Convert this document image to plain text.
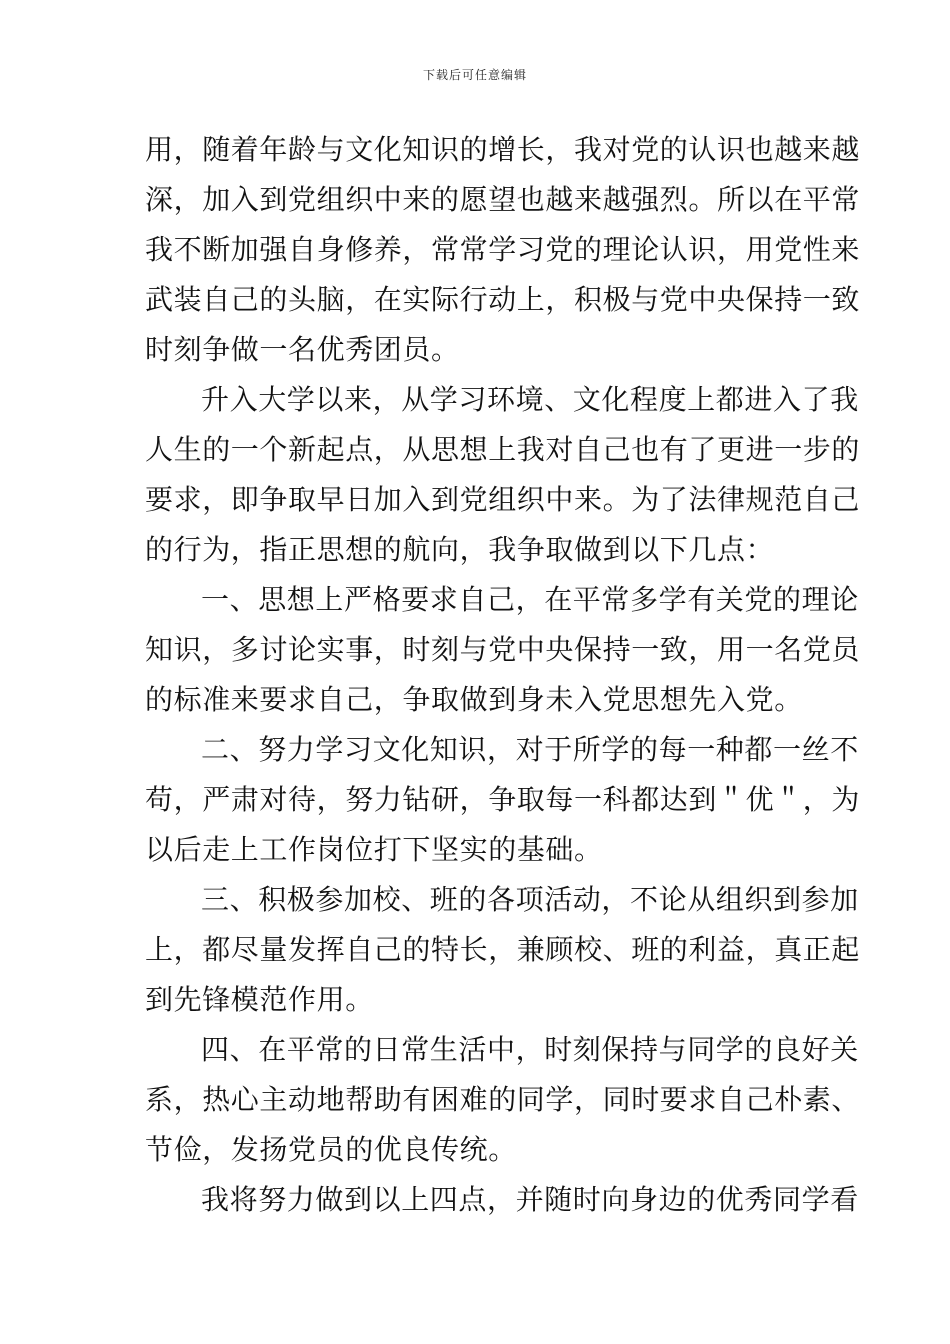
下载后可任意编辑
用，随着年龄与文化知识的增长，我对党的认识也越来越
深，加入到党组织中来的愿望也越来越强烈。所以在平常
我不断加强自身修养，常常学习党的理论认识，用党性来
武装自己的头脑，在实际行动上，积极与党中央保持一致
时刻争做一名优秀团员。
升入大学以来，从学习环境、文化程度上都进入了我
人生的一个新起点，从思想上我对自己也有了更进一步的
要求，即争取早日加入到党组织中来。为了法律规范自己
的行为，指正思想的航向，我争取做到以下几点：
一、思想上严格要求自己，在平常多学有关党的理论
知识，多讨论实事，时刻与党中央保持一致，用一名党员
的标准来要求自己，争取做到身未入党思想先入党。
二、努力学习文化知识，对于所学的每一种都一丝不
苟，严肃对待，努力钻研，争取每一科都达到＂优＂，为
以后走上工作岗位打下坚实的基础。
三、积极参加校、班的各项活动，不论从组织到参加
上，都尽量发挥自己的特长，兼顾校、班的利益，真正起
到先锋模范作用。
四、在平常的日常生活中，时刻保持与同学的良好关
系，热心主动地帮助有困难的同学，同时要求自己朴素、
节俭，发扬党员的优良传统。
我将努力做到以上四点，并随时向身边的优秀同学看
